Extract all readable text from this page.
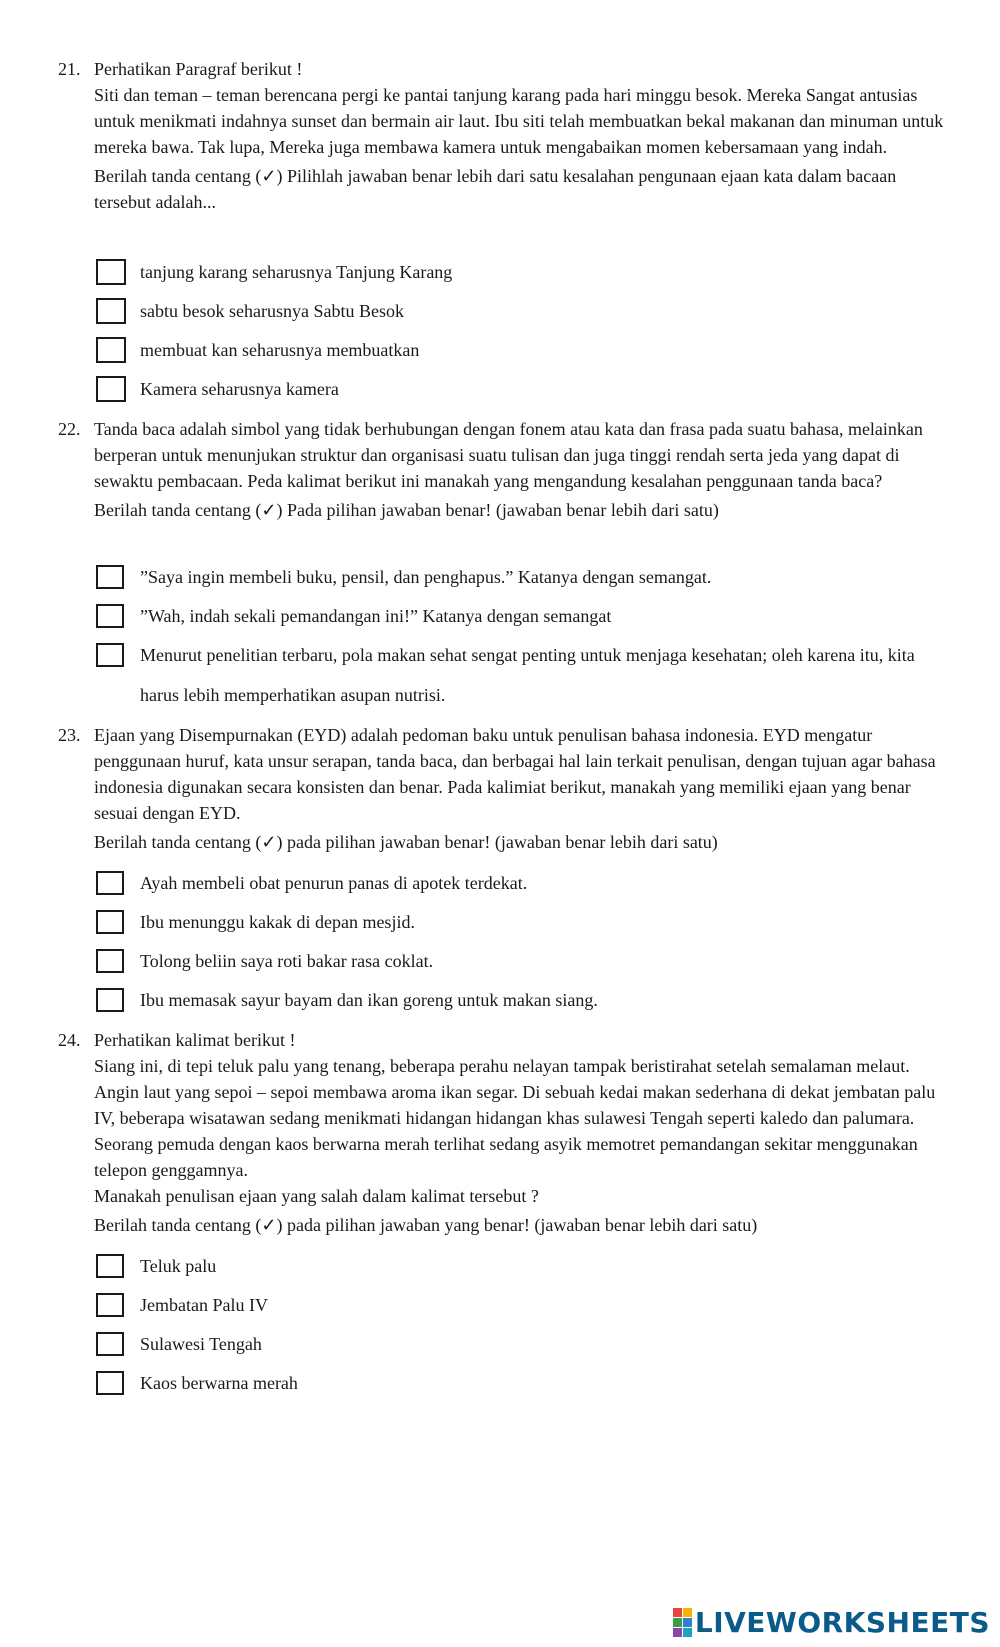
21. Perhatikan Paragraf berikut !

Siti dan teman – teman berencana pergi ke pantai tanjung karang pada hari minggu besok. Mereka Sangat antusias untuk menikmati indahnya sunset dan bermain air laut. Ibu siti telah membuatkan bekal makanan dan minuman untuk mereka bawa. Tak lupa, Mereka juga membawa kamera untuk mengabaikan momen kebersamaan yang indah.

Berilah tanda centang (✓) Pilihlah jawaban benar lebih dari satu kesalahan pengunaan ejaan kata dalam bacaan tersebut adalah...

tanjung karang seharusnya Tanjung Karang
sabtu besok seharusnya Sabtu Besok
membuat kan seharusnya membuatkan
Kamera seharusnya kamera
22. Tanda baca adalah simbol yang tidak berhubungan dengan fonem atau kata dan frasa pada suatu bahasa, melainkan berperan untuk menunjukan struktur dan organisasi suatu tulisan dan juga tinggi rendah serta jeda yang dapat di sewaktu pembacaan. Peda kalimat berikut ini manakah yang mengandung kesalahan penggunaan tanda baca?

Berilah tanda centang (✓) Pada pilihan jawaban benar! (jawaban benar lebih dari satu)

”Saya ingin membeli buku, pensil, dan penghapus.” Katanya dengan semangat.
”Wah, indah sekali pemandangan ini!” Katanya dengan semangat
Menurut penelitian terbaru, pola makan sehat sengat penting untuk menjaga kesehatan; oleh karena itu, kita harus lebih memperhatikan asupan nutrisi.
23. Ejaan yang Disempurnakan (EYD) adalah pedoman baku untuk penulisan bahasa indonesia. EYD mengatur penggunaan huruf, kata unsur serapan, tanda baca, dan berbagai hal lain terkait penulisan, dengan tujuan agar bahasa indonesia digunakan secara konsisten dan benar. Pada kalimiat berikut, manakah yang memiliki ejaan yang benar sesuai dengan EYD.

Berilah tanda centang (✓) pada pilihan jawaban benar! (jawaban benar lebih dari satu)

Ayah membeli obat penurun panas di apotek terdekat.
Ibu menunggu kakak di depan mesjid.
Tolong beliin saya roti bakar rasa coklat.
Ibu memasak sayur bayam dan ikan goreng untuk makan siang.
24. Perhatikan kalimat berikut !

Siang ini, di tepi teluk palu yang tenang, beberapa perahu nelayan tampak beristirahat setelah semalaman melaut. Angin laut yang sepoi – sepoi membawa aroma ikan segar. Di sebuah kedai makan sederhana di dekat jembatan palu IV, beberapa wisatawan sedang menikmati hidangan hidangan khas sulawesi Tengah seperti kaledo dan palumara. Seorang pemuda dengan kaos berwarna merah terlihat sedang asyik memotret pemandangan sekitar menggunakan telepon genggamnya.

Manakah penulisan ejaan yang salah dalam kalimat tersebut ?

Berilah tanda centang (✓) pada pilihan jawaban yang benar! (jawaban benar lebih dari satu)

Teluk palu
Jembatan Palu IV
Sulawesi Tengah
Kaos berwarna merah
LIVEWORKSHEETS
